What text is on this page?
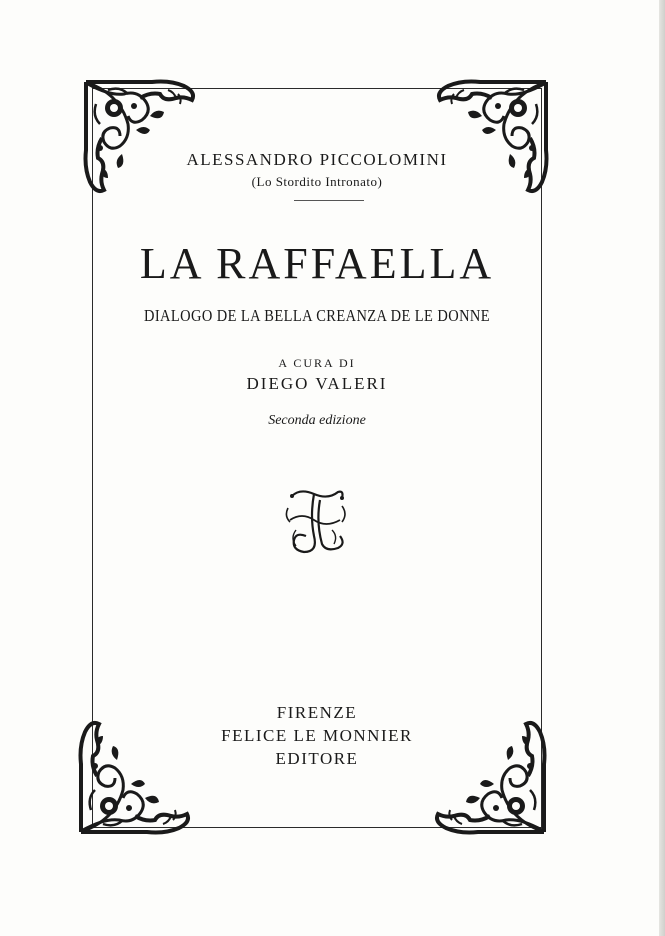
ALESSANDRO PICCOLOMINI
(Lo Stordito Intronato)
LA RAFFAELLA
DIALOGO DE LA BELLA CREANZA DE LE DONNE
A CURA DI
DIEGO VALERI
Seconda edizione
FIRENZE
FELICE LE MONNIER
EDITORE
